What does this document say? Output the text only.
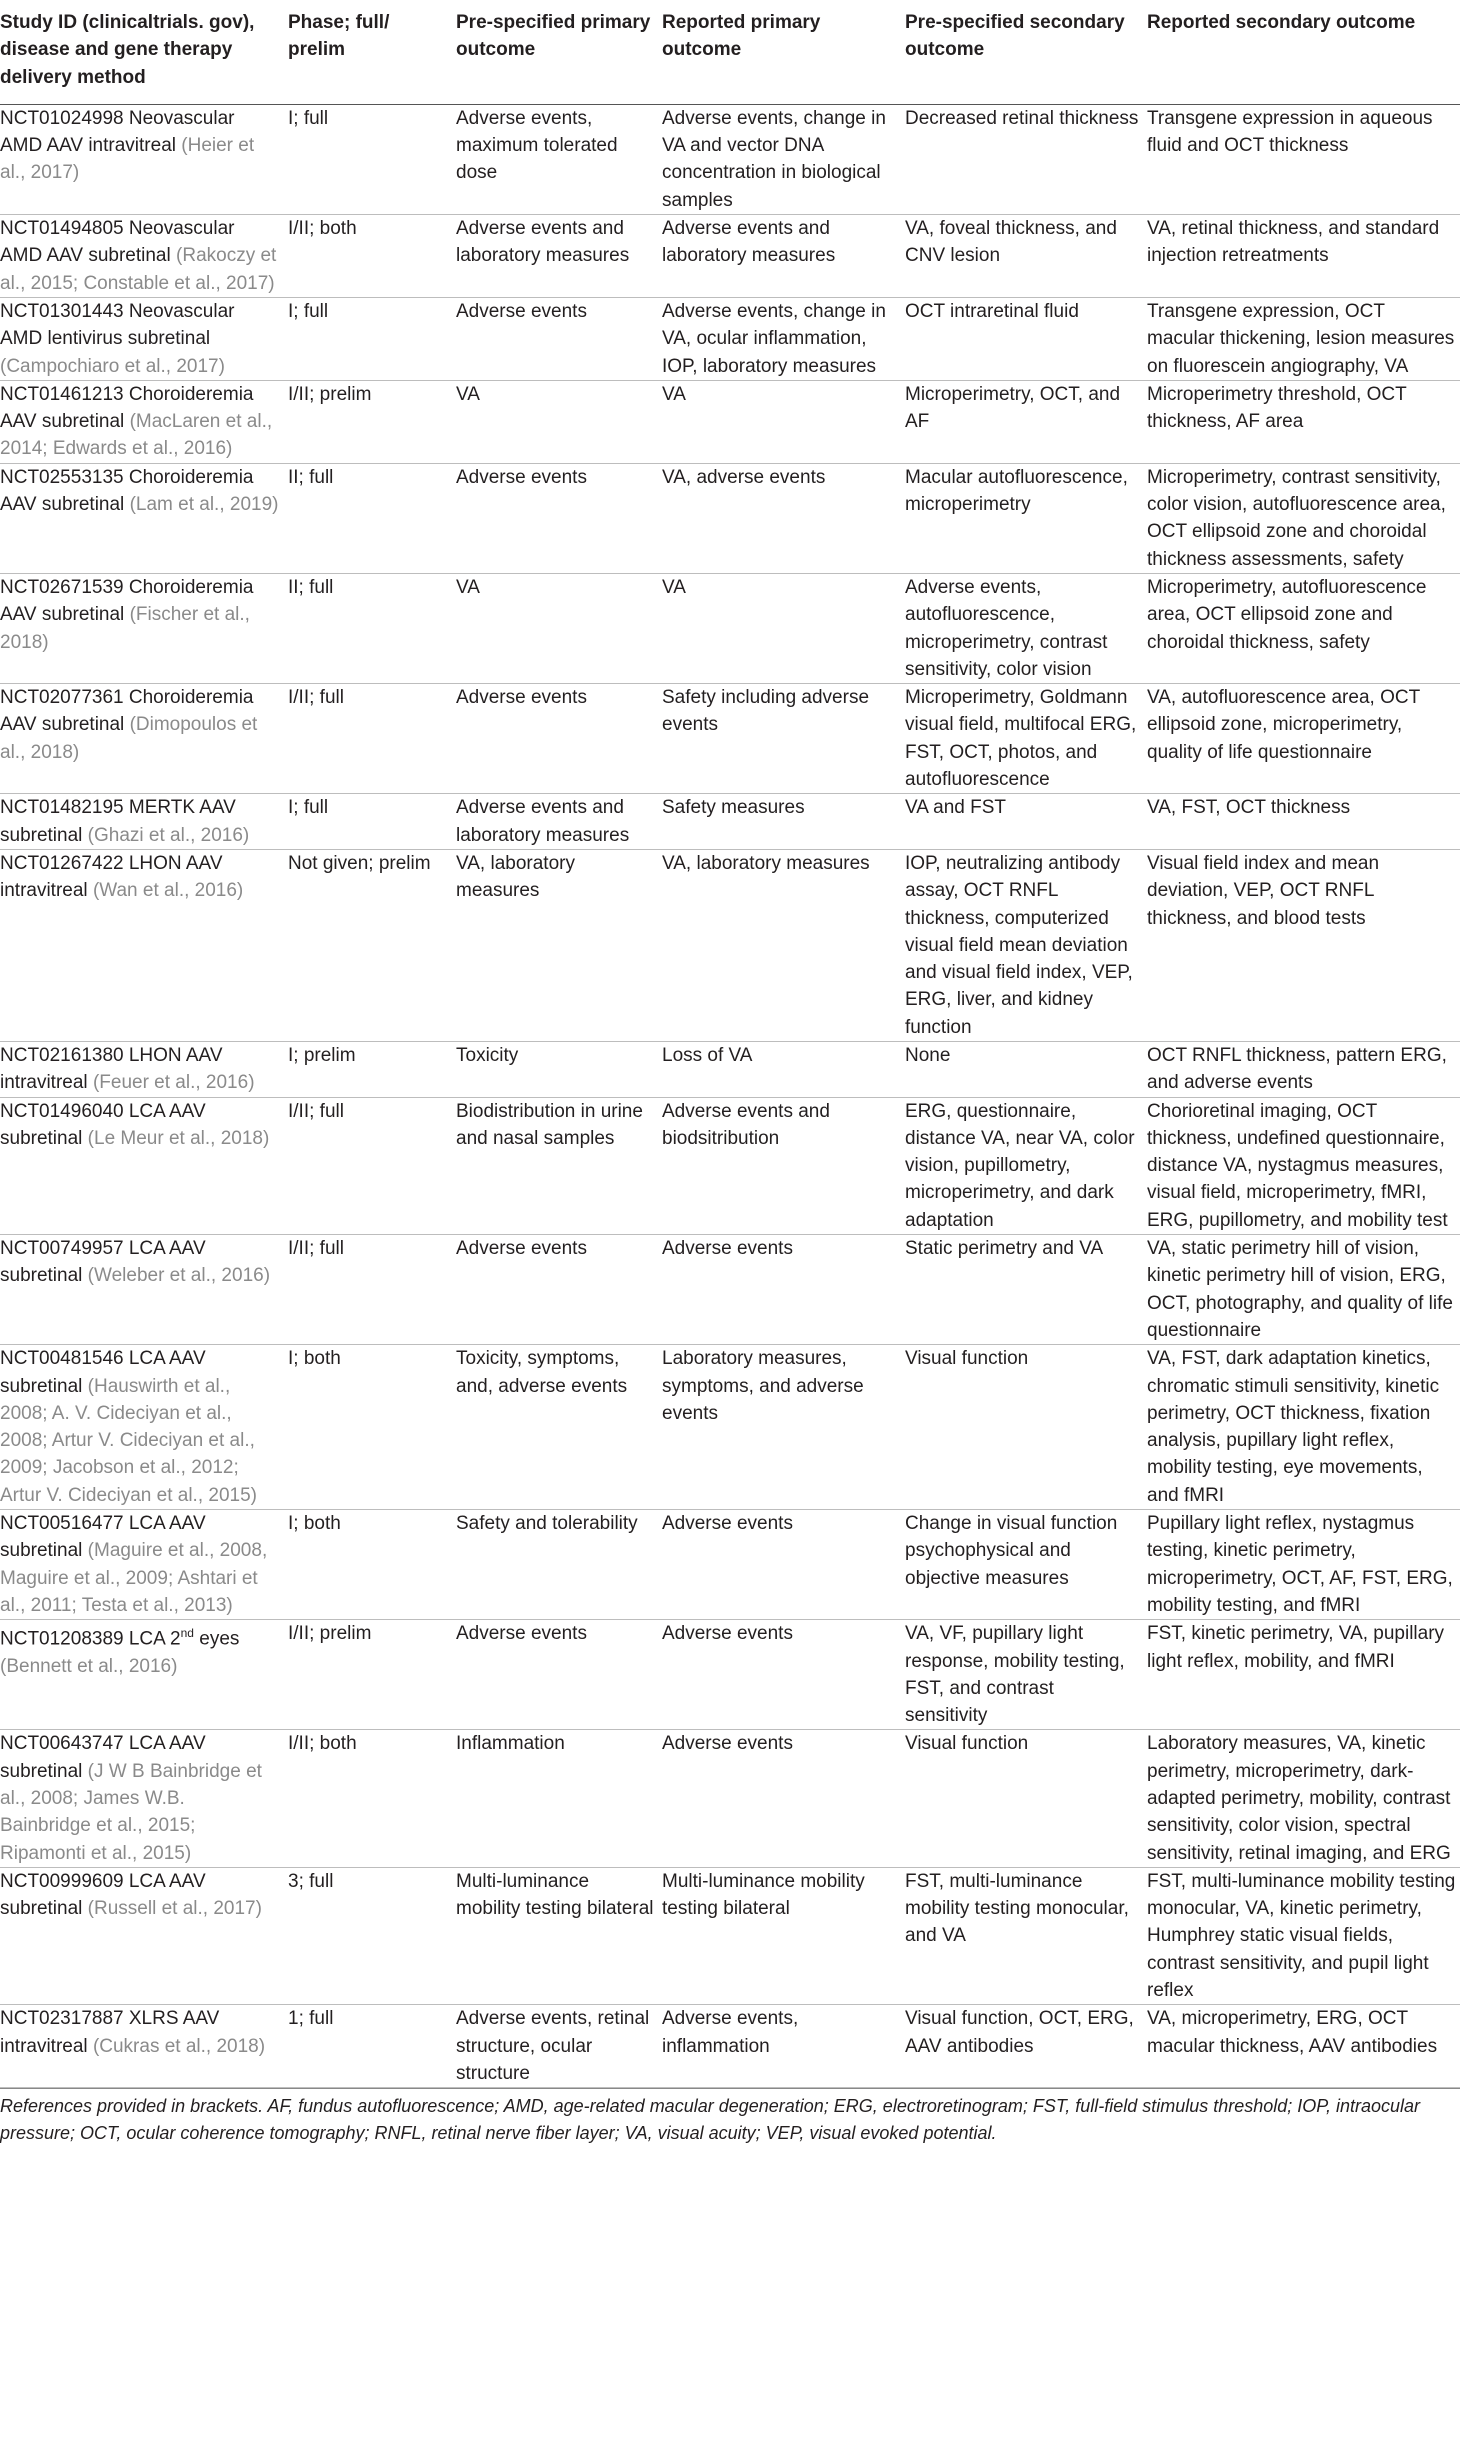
Study ID (clinicaltrials. gov), disease and gene therapy delivery method	Phase; full/ prelim	Pre-specified primary outcome	Reported primary outcome	Pre-specified secondary outcome	Reported secondary outcome

NCT01024998 Neovascular AMD AAV intravitreal (Heier et al., 2017)	I; full	Adverse events, maximum tolerated dose	Adverse events, change in VA and vector DNA concentration in biological samples	Decreased retinal thickness	Transgene expression in aqueous fluid and OCT thickness

NCT01494805 Neovascular AMD AAV subretinal (Rakoczy et al., 2015; Constable et al., 2017)	I/II; both	Adverse events and laboratory measures	Adverse events and laboratory measures	VA, foveal thickness, and CNV lesion	VA, retinal thickness, and standard injection retreatments

NCT01301443 Neovascular AMD lentivirus subretinal (Campochiaro et al., 2017)	I; full	Adverse events	Adverse events, change in VA, ocular inflammation, IOP, laboratory measures	OCT intraretinal fluid	Transgene expression, OCT macular thickening, lesion measures on fluorescein angiography, VA

NCT01461213 Choroideremia AAV subretinal (MacLaren et al., 2014; Edwards et al., 2016)	I/II; prelim	VA	VA	Microperimetry, OCT, and AF	Microperimetry threshold, OCT thickness, AF area

NCT02553135 Choroideremia AAV subretinal (Lam et al., 2019)	II; full	Adverse events	VA, adverse events	Macular autofluorescence, microperimetry	Microperimetry, contrast sensitivity, color vision, autofluorescence area, OCT ellipsoid zone and choroidal thickness assessments, safety

NCT02671539 Choroideremia AAV subretinal (Fischer et al., 2018)	II; full	VA	VA	Adverse events, autofluorescence, microperimetry, contrast sensitivity, color vision	Microperimetry, autofluorescence area, OCT ellipsoid zone and choroidal thickness, safety

NCT02077361 Choroideremia AAV subretinal (Dimopoulos et al., 2018)	I/II; full	Adverse events	Safety including adverse events	Microperimetry, Goldmann visual field, multifocal ERG, FST, OCT, photos, and autofluorescence	VA, autofluorescence area, OCT ellipsoid zone, microperimetry, quality of life questionnaire

NCT01482195 MERTK AAV subretinal (Ghazi et al., 2016)	I; full	Adverse events and laboratory measures	Safety measures	VA and FST	VA, FST, OCT thickness

NCT01267422 LHON AAV intravitreal (Wan et al., 2016)	Not given; prelim	VA, laboratory measures	VA, laboratory measures	IOP, neutralizing antibody assay, OCT RNFL thickness, computerized visual field mean deviation and visual field index, VEP, ERG, liver, and kidney function	Visual field index and mean deviation, VEP, OCT RNFL thickness, and blood tests

NCT02161380 LHON AAV intravitreal (Feuer et al., 2016)	I; prelim	Toxicity	Loss of VA	None	OCT RNFL thickness, pattern ERG, and adverse events

NCT01496040 LCA AAV subretinal (Le Meur et al., 2018)	I/II; full	Biodistribution in urine and nasal samples	Adverse events and biodsitribution	ERG, questionnaire, distance VA, near VA, color vision, pupillometry, microperimetry, and dark adaptation	Chorioretinal imaging, OCT thickness, undefined questionnaire, distance VA, nystagmus measures, visual field, microperimetry, fMRI, ERG, pupillometry, and mobility test

NCT00749957 LCA AAV subretinal (Weleber et al., 2016)	I/II; full	Adverse events	Adverse events	Static perimetry and VA	VA, static perimetry hill of vision, kinetic perimetry hill of vision, ERG, OCT, photography, and quality of life questionnaire

NCT00481546 LCA AAV subretinal (Hauswirth et al., 2008; A. V. Cideciyan et al., 2008; Artur V. Cideciyan et al., 2009; Jacobson et al., 2012; Artur V. Cideciyan et al., 2015)	I; both	Toxicity, symptoms, and, adverse events	Laboratory measures, symptoms, and adverse events	Visual function	VA, FST, dark adaptation kinetics, chromatic stimuli sensitivity, kinetic perimetry, OCT thickness, fixation analysis, pupillary light reflex, mobility testing, eye movements, and fMRI

NCT00516477 LCA AAV subretinal (Maguire et al., 2008, Maguire et al., 2009; Ashtari et al., 2011; Testa et al., 2013)	I; both	Safety and tolerability	Adverse events	Change in visual function psychophysical and objective measures	Pupillary light reflex, nystagmus testing, kinetic perimetry, microperimetry, OCT, AF, FST, ERG, mobility testing, and fMRI

NCT01208389 LCA 2nd eyes (Bennett et al., 2016)	I/II; prelim	Adverse events	Adverse events	VA, VF, pupillary light response, mobility testing, FST, and contrast sensitivity	FST, kinetic perimetry, VA, pupillary light reflex, mobility, and fMRI

NCT00643747 LCA AAV subretinal (J W B Bainbridge et al., 2008; James W.B. Bainbridge et al., 2015; Ripamonti et al., 2015)	I/II; both	Inflammation	Adverse events	Visual function	Laboratory measures, VA, kinetic perimetry, microperimetry, dark-adapted perimetry, mobility, contrast sensitivity, color vision, spectral sensitivity, retinal imaging, and ERG

NCT00999609 LCA AAV subretinal (Russell et al., 2017)	3; full	Multi-luminance mobility testing bilateral	Multi-luminance mobility testing bilateral	FST, multi-luminance mobility testing monocular, and VA	FST, multi-luminance mobility testing monocular, VA, kinetic perimetry, Humphrey static visual fields, contrast sensitivity, and pupil light reflex

NCT02317887 XLRS AAV intravitreal (Cukras et al., 2018)	1; full	Adverse events, retinal structure, ocular structure	Adverse events, inflammation	Visual function, OCT, ERG, AAV antibodies	VA, microperimetry, ERG, OCT macular thickness, AAV antibodies
References provided in brackets. AF, fundus autofluorescence; AMD, age-related macular degeneration; ERG, electroretinogram; FST, full-field stimulus threshold; IOP, intraocular pressure; OCT, ocular coherence tomography; RNFL, retinal nerve fiber layer; VA, visual acuity; VEP, visual evoked potential.
